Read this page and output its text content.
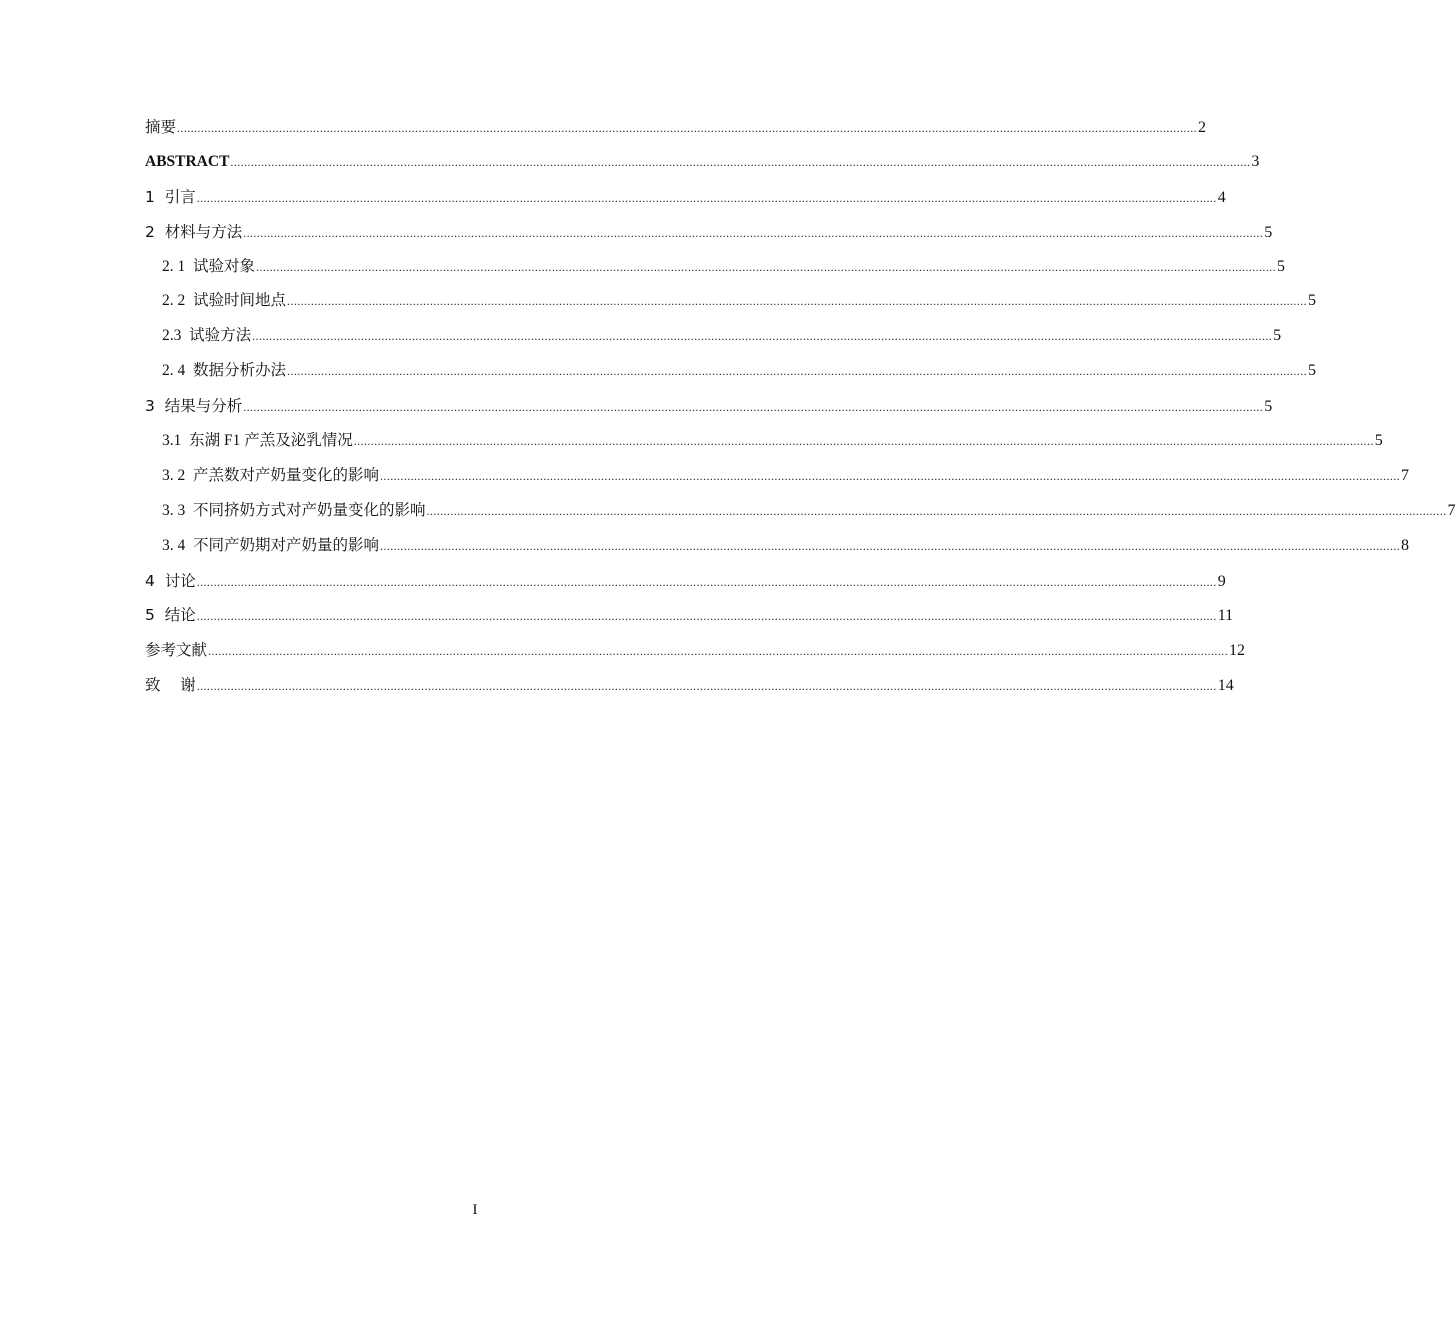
摘要 ............................................................................................................................................................................................................................................................................................................ 2
ABSTRACT ............................................................................................................................................................................................................................................................................................................ 3
1  引言 ............................................................................................................................................................................................................................................................................................................ 4
2  材料与方法 ............................................................................................................................................................................................................................................................................................................ 5
2. 1  试验对象 ............................................................................................................................................................................................................................................................................................................ 5
2. 2  试验时间地点 ............................................................................................................................................................................................................................................................................................................ 5
2.3  试验方法 ............................................................................................................................................................................................................................................................................................................ 5
2. 4  数据分析办法 ............................................................................................................................................................................................................................................................................................................ 5
3  结果与分析 ............................................................................................................................................................................................................................................................................................................ 5
3.1  东湖 F1 产羔及泌乳情况 ............................................................................................................................................................................................................................................................................................................ 5
3. 2  产羔数对产奶量变化的影响 ............................................................................................................................................................................................................................................................................................................ 7
3. 3  不同挤奶方式对产奶量变化的影响 ............................................................................................................................................................................................................................................................................................................ 7
3. 4  不同产奶期对产奶量的影响 ............................................................................................................................................................................................................................................................................................................ 8
4  讨论 ............................................................................................................................................................................................................................................................................................................ 9
5  结论 ............................................................................................................................................................................................................................................................................................................ 11
参考文献 ............................................................................................................................................................................................................................................................................................................ 12
致    谢 ............................................................................................................................................................................................................................................................................................................ 14
I
